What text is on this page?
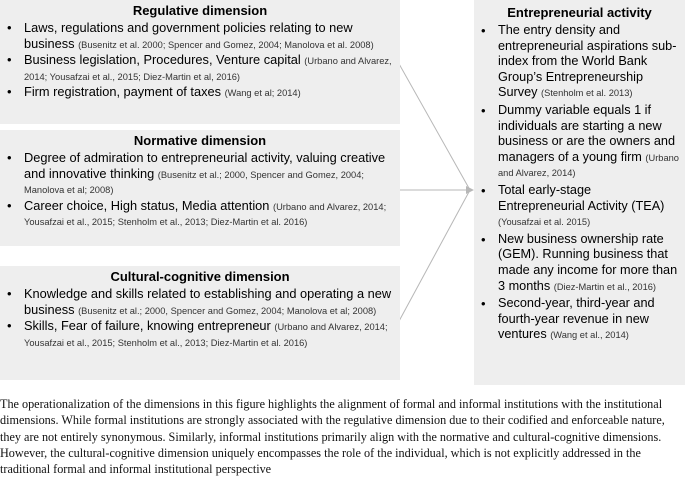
Regulative dimension
• Laws, regulations and government policies relating to new business (Busenitz et al. 2000; Spencer and Gomez, 2004; Manolova et al. 2008)
• Business legislation, Procedures, Venture capital (Urbano and Alvarez, 2014; Yousafzai et al., 2015; Diez-Martin et al, 2016)
• Firm registration, payment of taxes (Wang et al; 2014)
Normative dimension
• Degree of admiration to entrepreneurial activity, valuing creative and innovative thinking (Busenitz et al.; 2000, Spencer and Gomez, 2004; Manolova et al; 2008)
• Career choice, High status, Media attention (Urbano and Alvarez, 2014; Yousafzai et al., 2015; Stenholm et al., 2013; Diez-Martin et al. 2016)
Cultural-cognitive dimension
• Knowledge and skills related to establishing and operating a new business (Busenitz et al.; 2000, Spencer and Gomez, 2004; Manolova et al; 2008)
• Skills, Fear of failure, knowing entrepreneur (Urbano and Alvarez, 2014; Yousafzai et al., 2015; Stenholm et al., 2013; Diez-Martin et al. 2016)
Entrepreneurial activity
• The entry density and entrepreneurial aspirations sub-index from the World Bank Group’s Entrepreneurship Survey (Stenholm et al. 2013)
• Dummy variable equals 1 if individuals are starting a new business or are the owners and managers of a young firm (Urbano and Alvarez, 2014)
• Total early-stage Entrepreneurial Activity (TEA) (Yousafzai et al. 2015)
• New business ownership rate (GEM). Running business that made any income for more than 3 months (Diez-Martin et al., 2016)
• Second-year, third-year and fourth-year revenue in new ventures (Wang et al., 2014)
The operationalization of the dimensions in this figure highlights the alignment of formal and informal institutions with the institutional dimensions. While formal institutions are strongly associated with the regulative dimension due to their codified and enforceable nature, they are not entirely synonymous. Similarly, informal institutions primarily align with the normative and cultural-cognitive dimensions. However, the cultural-cognitive dimension uniquely encompasses the role of the individual, which is not explicitly addressed in the traditional formal and informal institutional perspective
